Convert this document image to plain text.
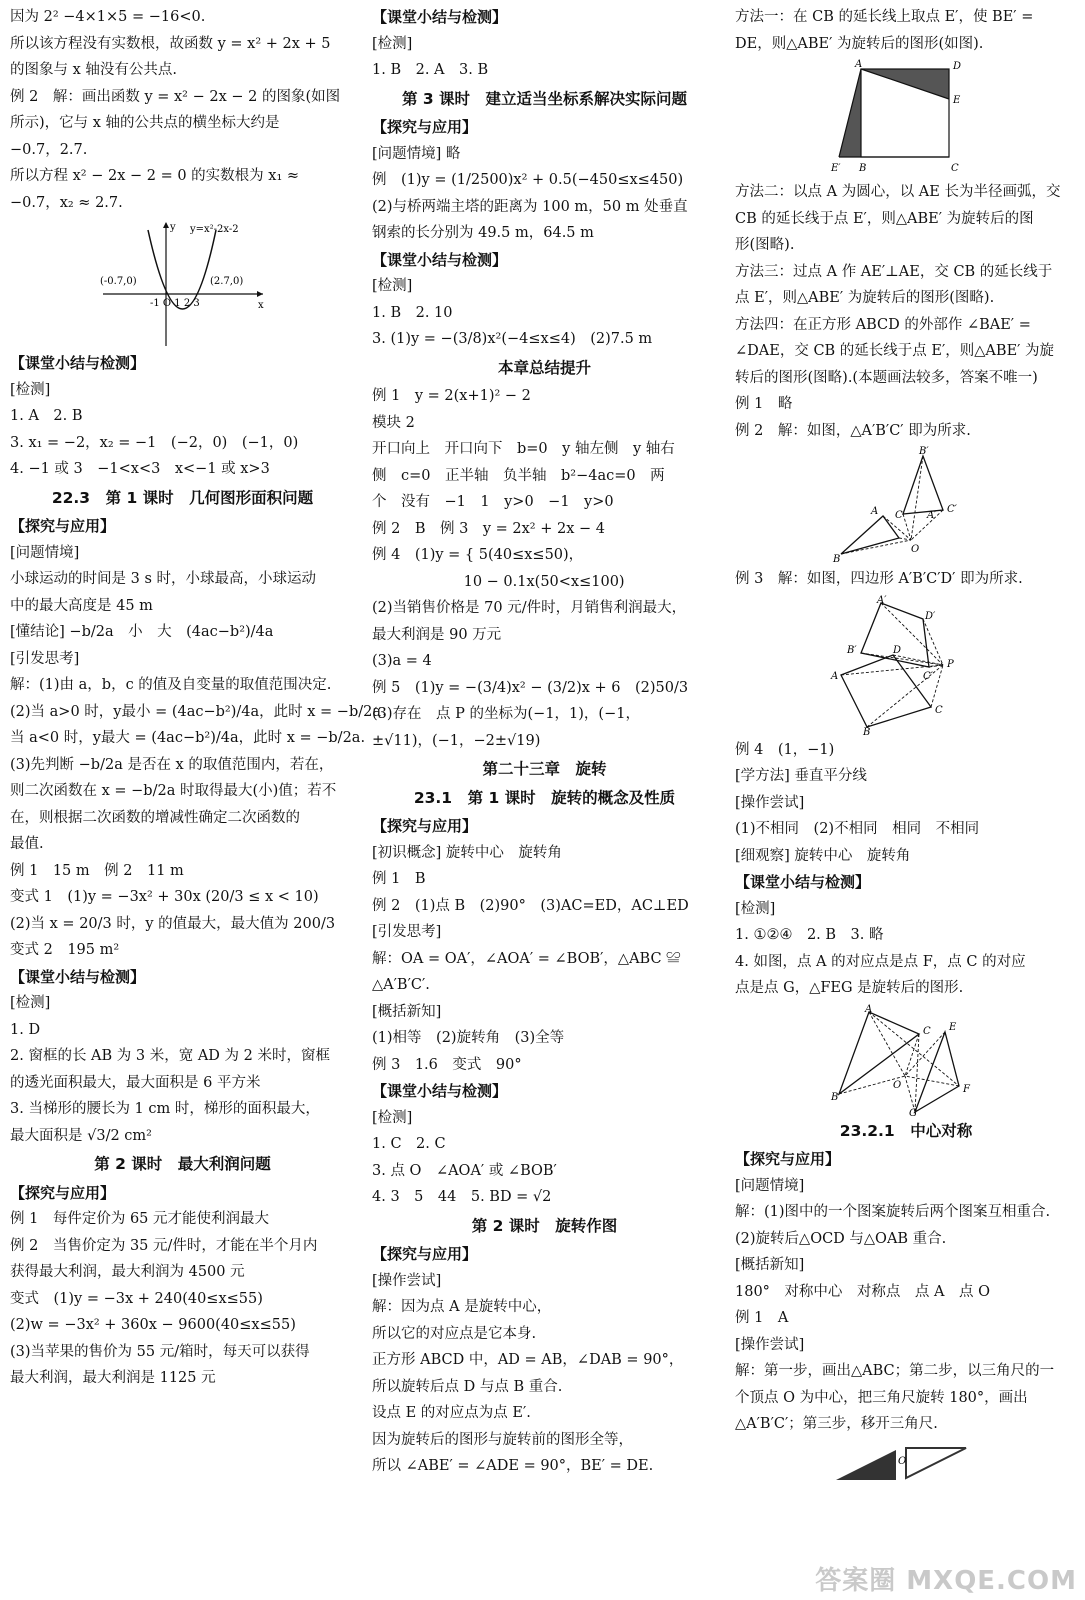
因为 2² −4×1×5 = −16<0.
所以该方程没有实数根，故函数 y = x² + 2x + 5
的图象与 x 轴没有公共点.
例 2　解：画出函数 y = x² − 2x − 2 的图象(如图
所示)，它与 x 轴的公共点的横坐标大约是
−0.7，2.7.
所以方程 x² − 2x − 2 = 0 的实数根为 x₁ ≈
−0.7，x₂ ≈ 2.7.
y
x
y=x²-2x-2
(-0.7,0)	(2.7,0)
-1 O 1 2 3
【课堂小结与检测】
[检测]
1. A　2. B
3. x₁ = −2，x₂ = −1　(−2，0)　(−1，0)
4. −1 或 3　−1<x<3　x<−1 或 x>3
22.3　第 1 课时　几何图形面积问题
【探究与应用】
[问题情境]
小球运动的时间是 3 s 时，小球最高，小球运动
中的最大高度是 45 m
[懂结论] −b/2a　小　大　(4ac−b²)/4a
[引发思考]
解：(1)由 a，b，c 的值及自变量的取值范围决定.
(2)当 a>0 时，y最小 = (4ac−b²)/4a，此时 x = −b/2a；
当 a<0 时，y最大 = (4ac−b²)/4a，此时 x = −b/2a.
(3)先判断 −b/2a 是否在 x 的取值范围内，若在，
则二次函数在 x = −b/2a 时取得最大(小)值；若不
在，则根据二次函数的增减性确定二次函数的
最值.
例 1　15 m　例 2　11 m
变式 1　(1)y = −3x² + 30x (20/3 ≤ x < 10)
(2)当 x = 20/3 时，y 的值最大，最大值为 200/3
变式 2　195 m²
【课堂小结与检测】
[检测]
1. D
2. 窗框的长 AB 为 3 米，宽 AD 为 2 米时，窗框
的透光面积最大，最大面积是 6 平方米
3. 当梯形的腰长为 1 cm 时，梯形的面积最大，
最大面积是 √3/2 cm²
第 2 课时　最大利润问题
【探究与应用】
例 1　每件定价为 65 元才能使利润最大
例 2　当售价定为 35 元/件时，才能在半个月内
获得最大利润，最大利润为 4500 元
变式　(1)y = −3x + 240(40≤x≤55)
(2)w = −3x² + 360x − 9600(40≤x≤55)
(3)当苹果的售价为 55 元/箱时，每天可以获得
最大利润，最大利润是 1125 元
【课堂小结与检测】
[检测]
1. B　2. A　3. B
第 3 课时　建立适当坐标系解决实际问题
【探究与应用】
[问题情境] 略
例　(1)y = (1/2500)x² + 0.5(−450≤x≤450)
(2)与桥两端主塔的距离为 100 m，50 m 处垂直
钢索的长分别为 49.5 m，64.5 m
【课堂小结与检测】
[检测]
1. B　2. 10
3. (1)y = −(3/8)x²(−4≤x≤4)　(2)7.5 m
本章总结提升
例 1　y = 2(x+1)² − 2
模块 2
开口向上　开口向下　b=0　y 轴左侧　y 轴右
侧　c=0　正半轴　负半轴　b²−4ac=0　两
个　没有　−1　1　y>0　−1　y>0
例 2　B　例 3　y = 2x² + 2x − 4
例 4　(1)y = { 5(40≤x≤50)，
　　　　　　 10 − 0.1x(50<x≤100)
(2)当销售价格是 70 元/件时，月销售利润最大，
最大利润是 90 万元
(3)a = 4
例 5　(1)y = −(3/4)x² − (3/2)x + 6　(2)50/3
(3)存在　点 P 的坐标为(−1，1)，(−1，
±√11)，(−1，−2±√19)
第二十三章　旋转
23.1　第 1 课时　旋转的概念及性质
【探究与应用】
[初识概念] 旋转中心　旋转角
例 1　B
例 2　(1)点 B　(2)90°　(3)AC=ED，AC⊥ED
[引发思考]
解：OA = OA′，∠AOA′ = ∠BOB′，△ABC ≌
△A′B′C′.
[概括新知]
(1)相等　(2)旋转角　(3)全等
例 3　1.6　变式　90°
【课堂小结与检测】
[检测]
1. C　2. C
3. 点 O　∠AOA′ 或 ∠BOB′
4. 3　5　44　5. BD = √2
第 2 课时　旋转作图
【探究与应用】
[操作尝试]
解：因为点 A 是旋转中心，
所以它的对应点是它本身.
正方形 ABCD 中，AD = AB，∠DAB = 90°，
所以旋转后点 D 与点 B 重合.
设点 E 的对应点为点 E′.
因为旋转后的图形与旋转前的图形全等，
所以 ∠ABE′ = ∠ADE = 90°，BE′ = DE.
方法一：在 CB 的延长线上取点 E′，使 BE′ =
DE，则△ABE′ 为旋转后的图形(如图).
A	D
E
E′ B	C
方法二：以点 A 为圆心，以 AE 长为半径画弧，交
CB 的延长线于点 E′，则△ABE′ 为旋转后的图
形(图略).
方法三：过点 A 作 AE′⊥AE，交 CB 的延长线于
点 E′，则△ABE′ 为旋转后的图形(图略).
方法四：在正方形 ABCD 的外部作 ∠BAE′ =
∠DAE，交 CB 的延长线于点 E′，则△ABE′ 为旋
转后的图形(图略).(本题画法较多，答案不唯一)
例 1　略
例 2　解：如图，△A′B′C′ 即为所求.
B′
A C A′
C′
B
O
例 3　解：如图，四边形 A′B′C′D′ 即为所求.
A′
D′
B′	D
C′
P
A
C
B
例 4　(1，−1)
[学方法] 垂直平分线
[操作尝试]
(1)不相同　(2)不相同　相同　不相同
[细观察] 旋转中心　旋转角
【课堂小结与检测】
[检测]
1. ①②④　2. B　3. 略
4. 如图，点 A 的对应点是点 F，点 C 的对应
点是点 G，△FEG 是旋转后的图形.
A
C E
B
O	F
G
23.2.1　中心对称
【探究与应用】
[问题情境]
解：(1)图中的一个图案旋转后两个图案互相重合.
(2)旋转后△OCD 与△OAB 重合.
[概括新知]
180°　对称中心　对称点　点 A　点 O
例 1　A
[操作尝试]
解：第一步，画出△ABC；第二步，以三角尺的一
个顶点 O 为中心，把三角尺旋转 180°，画出
△A′B′C′；第三步，移开三角尺.
O
答案圈 MXQE.COM
